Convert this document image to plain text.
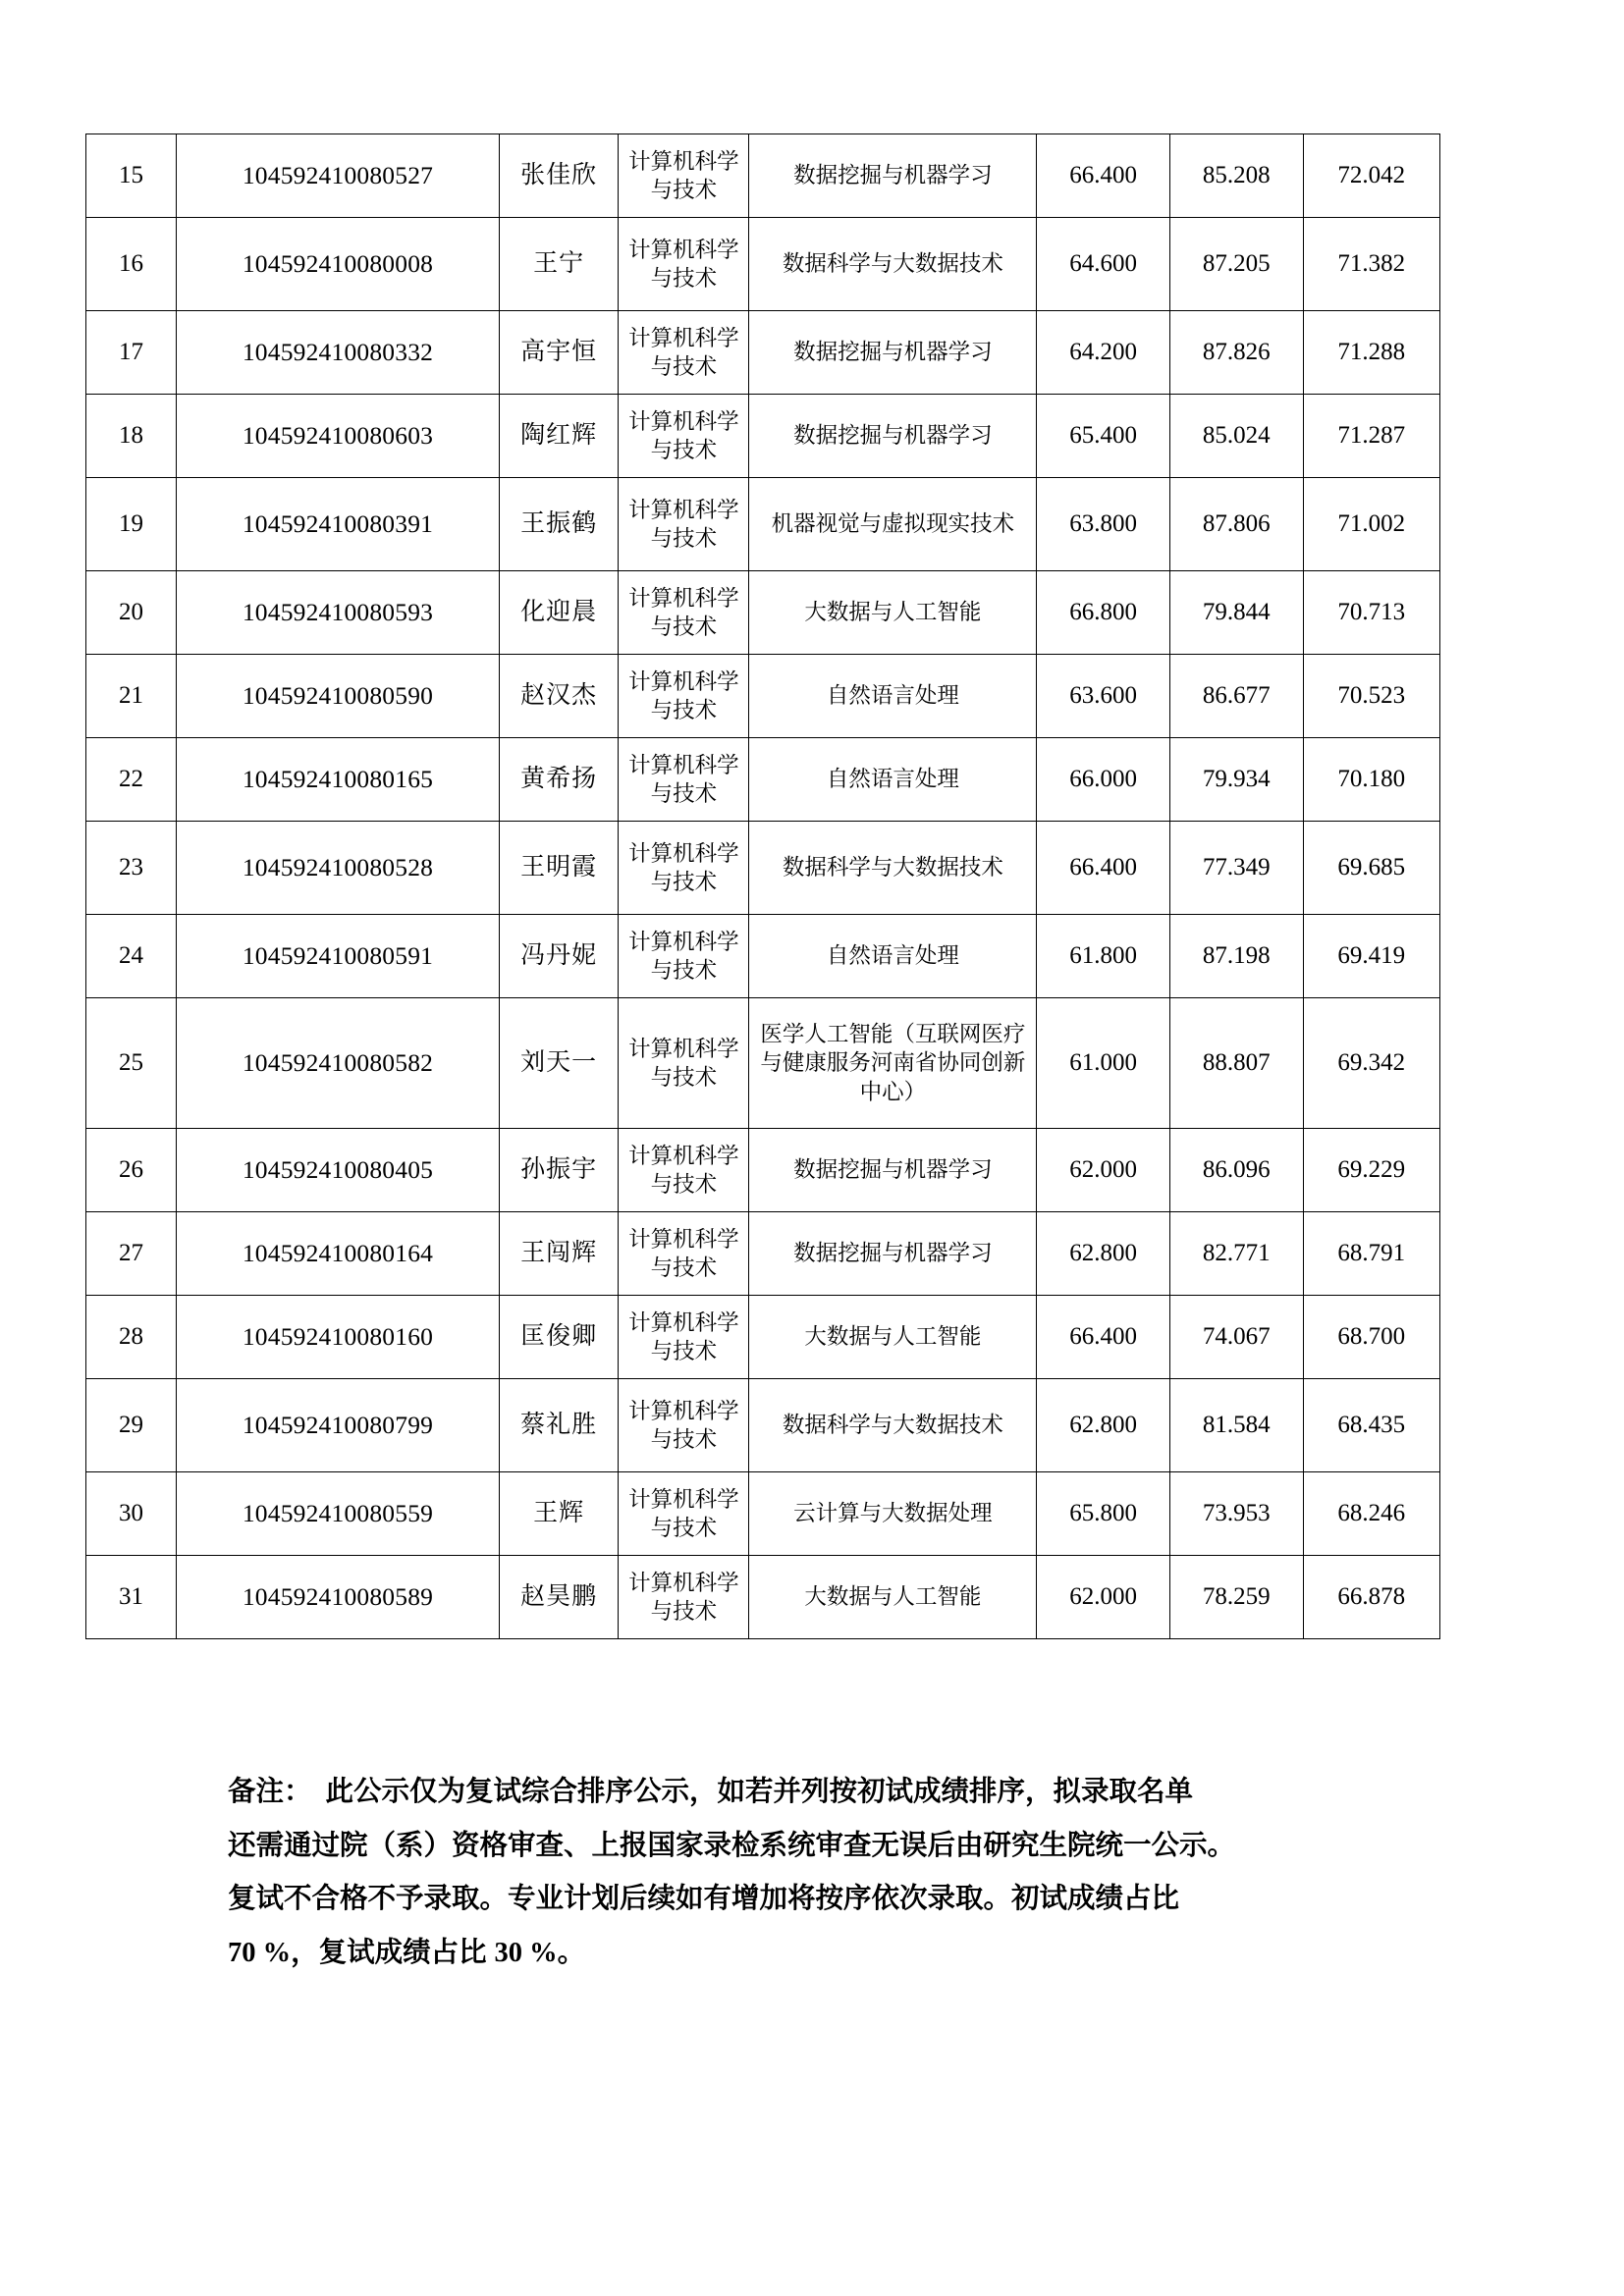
15	104592410080527	张佳欣	计算机科学与技术	数据挖掘与机器学习	66.400	85.208	72.042
16	104592410080008	王宁	计算机科学与技术	数据科学与大数据技术	64.600	87.205	71.382
17	104592410080332	高宇恒	计算机科学与技术	数据挖掘与机器学习	64.200	87.826	71.288
18	104592410080603	陶红辉	计算机科学与技术	数据挖掘与机器学习	65.400	85.024	71.287
19	104592410080391	王振鹤	计算机科学与技术	机器视觉与虚拟现实技术	63.800	87.806	71.002
20	104592410080593	化迎晨	计算机科学与技术	大数据与人工智能	66.800	79.844	70.713
21	104592410080590	赵汉杰	计算机科学与技术	自然语言处理	63.600	86.677	70.523
22	104592410080165	黄希扬	计算机科学与技术	自然语言处理	66.000	79.934	70.180
23	104592410080528	王明霞	计算机科学与技术	数据科学与大数据技术	66.400	77.349	69.685
24	104592410080591	冯丹妮	计算机科学与技术	自然语言处理	61.800	87.198	69.419
25	104592410080582	刘天一	计算机科学与技术	医学人工智能（互联网医疗与健康服务河南省协同创新中心）	61.000	88.807	69.342
26	104592410080405	孙振宇	计算机科学与技术	数据挖掘与机器学习	62.000	86.096	69.229
27	104592410080164	王闯辉	计算机科学与技术	数据挖掘与机器学习	62.800	82.771	68.791
28	104592410080160	匡俊卿	计算机科学与技术	大数据与人工智能	66.400	74.067	68.700
29	104592410080799	蔡礼胜	计算机科学与技术	数据科学与大数据技术	62.800	81.584	68.435
30	104592410080559	王辉	计算机科学与技术	云计算与大数据处理	65.800	73.953	68.246
31	104592410080589	赵昊鹏	计算机科学与技术	大数据与人工智能	62.000	78.259	66.878
备注： 此公示仅为复试综合排序公示，如若并列按初试成绩排序，拟录取名单
还需通过院（系）资格审查、上报国家录检系统审查无误后由研究生院统一公示。
复试不合格不予录取。专业计划后续如有增加将按序依次录取。初试成绩占比
70 %，复试成绩占比 30 %。
